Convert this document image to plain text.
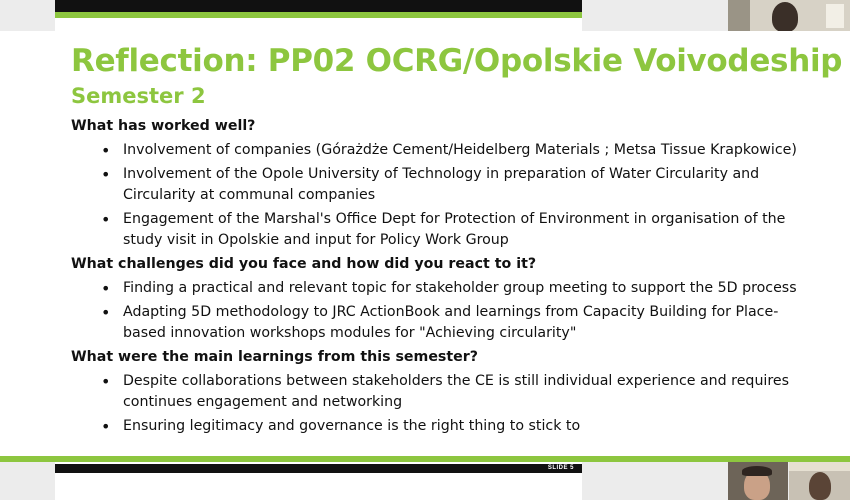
Reflection: PP02 OCRG/Opolskie Voivodeship
Semester 2
What has worked well?
• Involvement of companies (Górażdże Cement/Heidelberg Materials ; Metsa Tissue Krapkowice)
• Involvement of the Opole University of Technology in preparation of Water Circularity and Circularity at communal companies
• Engagement of the Marshal's Office Dept for Protection of Environment in organisation of the study visit in Opolskie and input for Policy Work Group
What challenges did you face and how did you react to it?
• Finding a practical and relevant topic for stakeholder group meeting to support the 5D process
• Adapting 5D methodology to JRC ActionBook and learnings from Capacity Building for Place-based innovation workshops modules for "Achieving circularity"
What were the main learnings from this semester?
• Despite collaborations between stakeholders the CE is still individual experience and requires continues engagement and networking
• Ensuring legitimacy and governance is the right thing to stick to
SLIDE 5
